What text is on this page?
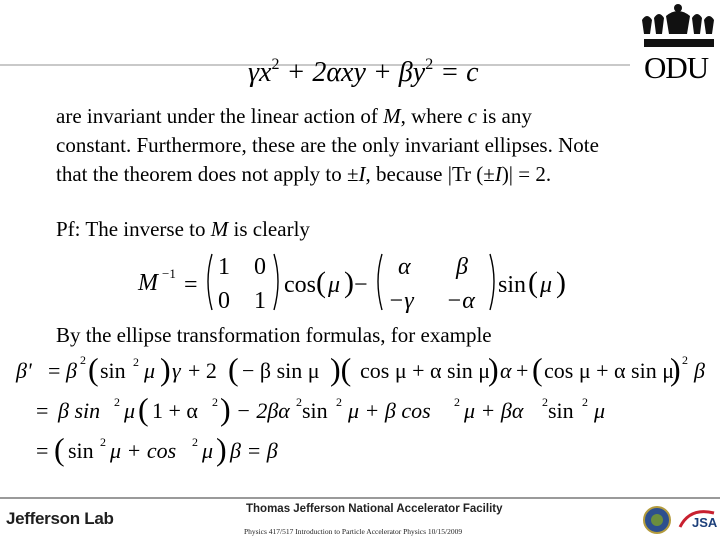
ODU
$\gamma x^2 + 2\alpha xy + \beta y^2 = c$
are invariant under the linear action of M, where c is any
constant. Furthermore, these are the only invariant ellipses. Note
that the theorem does not apply to ±I, because |Tr (±I)| = 2.
Pf: The inverse to M is clearly
M −1 =
1 0
0 1
cos ( μ ) −
α β
−γ −α
sin ( μ )
By the ellipse transformation formulas, for example
β' = β 2 ( sin 2 μ ) γ + 2 ( − β sin μ )( cos μ + α sin μ
) α + ( cos μ + α sin μ
) 2 β
= β sin 2 μ ( 1 + α 2 ) − 2βα 2 sin 2 μ + β cos 2 μ + βα 2 sin 2 μ
= ( sin 2 μ + cos 2 μ ) β = β
Jefferson Lab	Thomas Jefferson National Accelerator Facility
Physics 417/517 Introduction to Particle Accelerator Physics 10/15/2009
JSA
